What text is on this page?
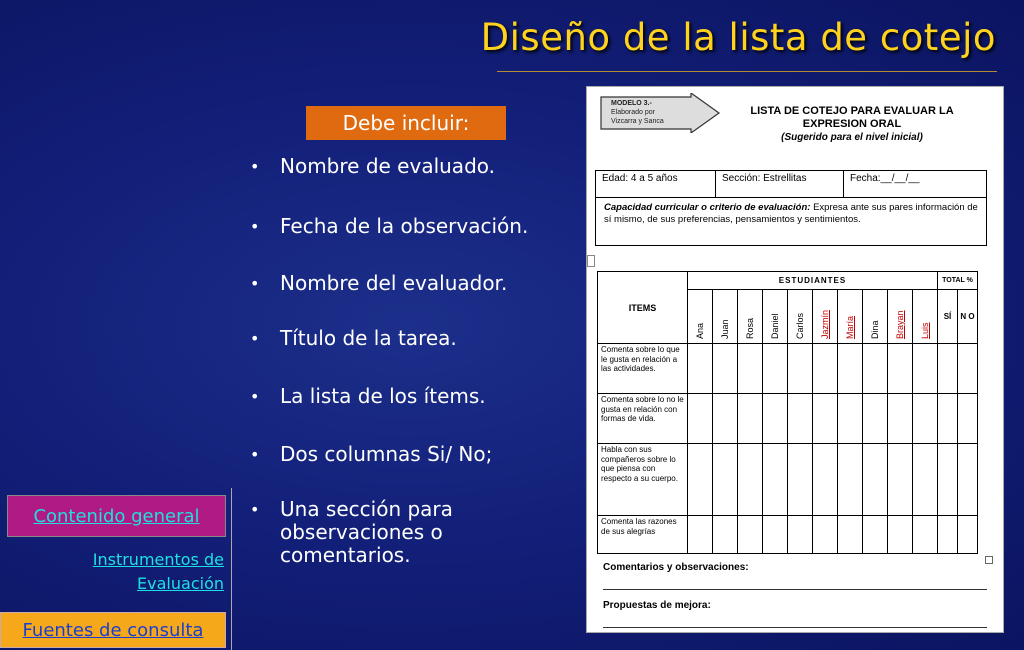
Diseño de la lista de cotejo
Debe incluir:
• Nombre de evaluado.
• Fecha de la observación.
• Nombre del evaluador.
• Título de la tarea.
• La lista de los ítems.
• Dos columnas Si/ No;
• Una sección para observaciones o comentarios.
Contenido general
Instrumentos de Evaluación
Fuentes de consulta
MODELO 3.-
Elaborado por
Vizcarra y Sanca
LISTA DE COTEJO PARA EVALUAR LA
EXPRESION ORAL
(Sugerido para el nivel inicial)
Edad: 4 a 5 años	Sección: Estrellitas	Fecha:__/__/__
Capacidad curricular o criterio de evaluación: Expresa ante sus pares información de sí mismo, de sus preferencias, pensamientos y sentimientos.
ITEMS	ESTUDIANTES										TOTAL %	

	Ana	Juan	Rosa	Daniel	Carlos	Jazmín	María	Dina	Brayan	Luis	SÍ	N O
Comenta sobre lo que le gusta en relación a las actividades.												
Comenta sobre lo no le gusta en relación con formas de vida.												
Habla con sus compañeros sobre lo que piensa con respecto a su cuerpo.												
Comenta las razones de sus alegrías												
Comentarios y observaciones:
Propuestas de mejora:
